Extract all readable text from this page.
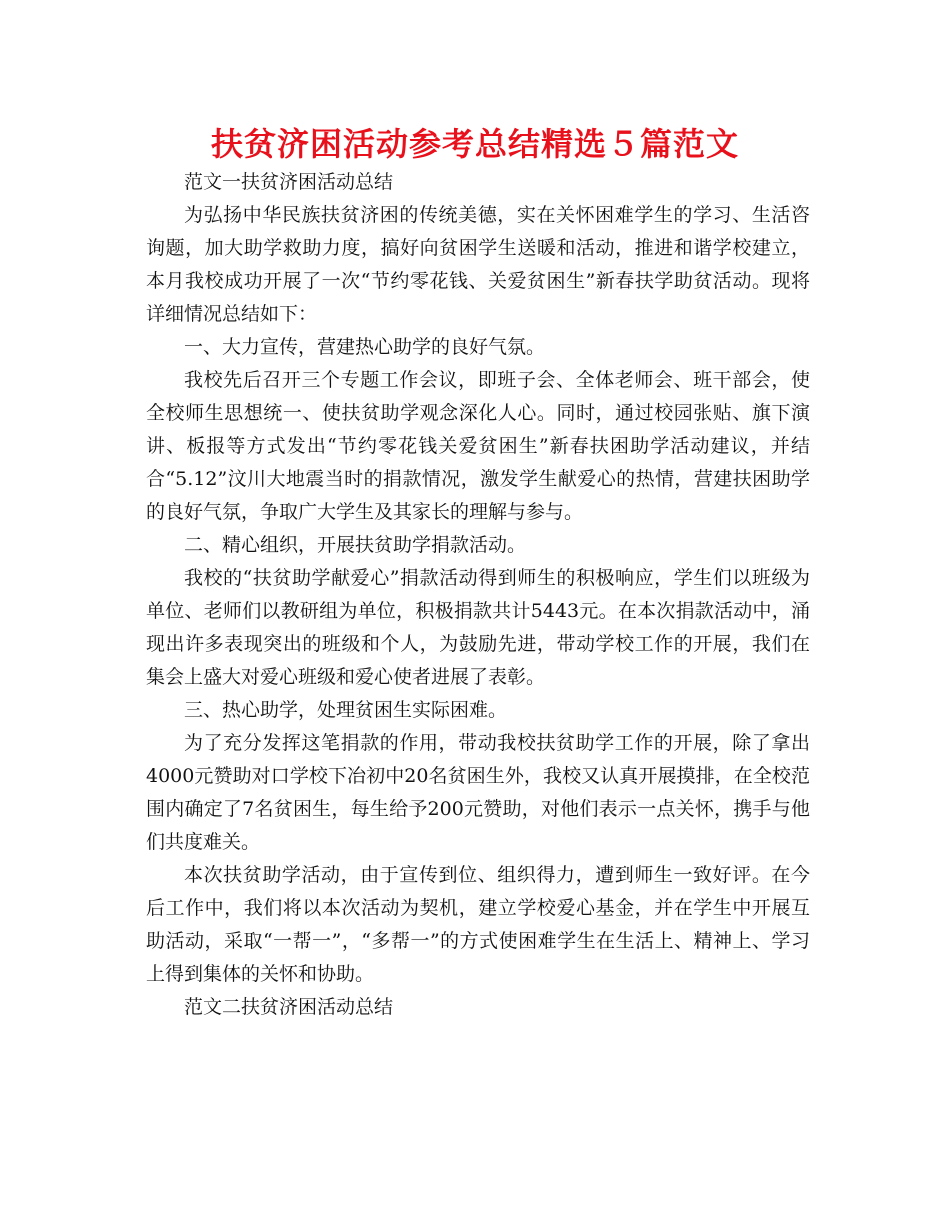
扶贫济困活动参考总结精选５篇范文

范文一扶贫济困活动总结

为弘扬中华民族扶贫济困的传统美德，实在关怀困难学生的学习、生活咨询题，加大助学救助力度，搞好向贫困学生送暖和活动，推进和谐学校建立，本月我校成功开展了一次“节约零花钱、关爱贫困生”新春扶学助贫活动。现将详细情况总结如下：

一、大力宣传，营建热心助学的良好气氛。

我校先后召开三个专题工作会议，即班子会、全体老师会、班干部会，使全校师生思想统一、使扶贫助学观念深化人心。同时，通过校园张贴、旗下演讲、板报等方式发出“节约零花钱关爱贫困生”新春扶困助学活动建议，并结合“5.12”汶川大地震当时的捐款情况，激发学生献爱心的热情，营建扶困助学的良好气氛，争取广大学生及其家长的理解与参与。

二、精心组织，开展扶贫助学捐款活动。

我校的“扶贫助学献爱心”捐款活动得到师生的积极响应，学生们以班级为单位、老师们以教研组为单位，积极捐款共计5443元。在本次捐款活动中，涌现出许多表现突出的班级和个人，为鼓励先进，带动学校工作的开展，我们在集会上盛大对爱心班级和爱心使者进展了表彰。

三、热心助学，处理贫困生实际困难。

为了充分发挥这笔捐款的作用，带动我校扶贫助学工作的开展，除了拿出4000元赞助对口学校下冶初中20名贫困生外，我校又认真开展摸排，在全校范围内确定了7名贫困生，每生给予200元赞助，对他们表示一点关怀，携手与他们共度难关。

本次扶贫助学活动，由于宣传到位、组织得力，遭到师生一致好评。在今后工作中，我们将以本次活动为契机，建立学校爱心基金，并在学生中开展互助活动，采取“一帮一”，“多帮一”的方式使困难学生在生活上、精神上、学习上得到集体的关怀和协助。

范文二扶贫济困活动总结
